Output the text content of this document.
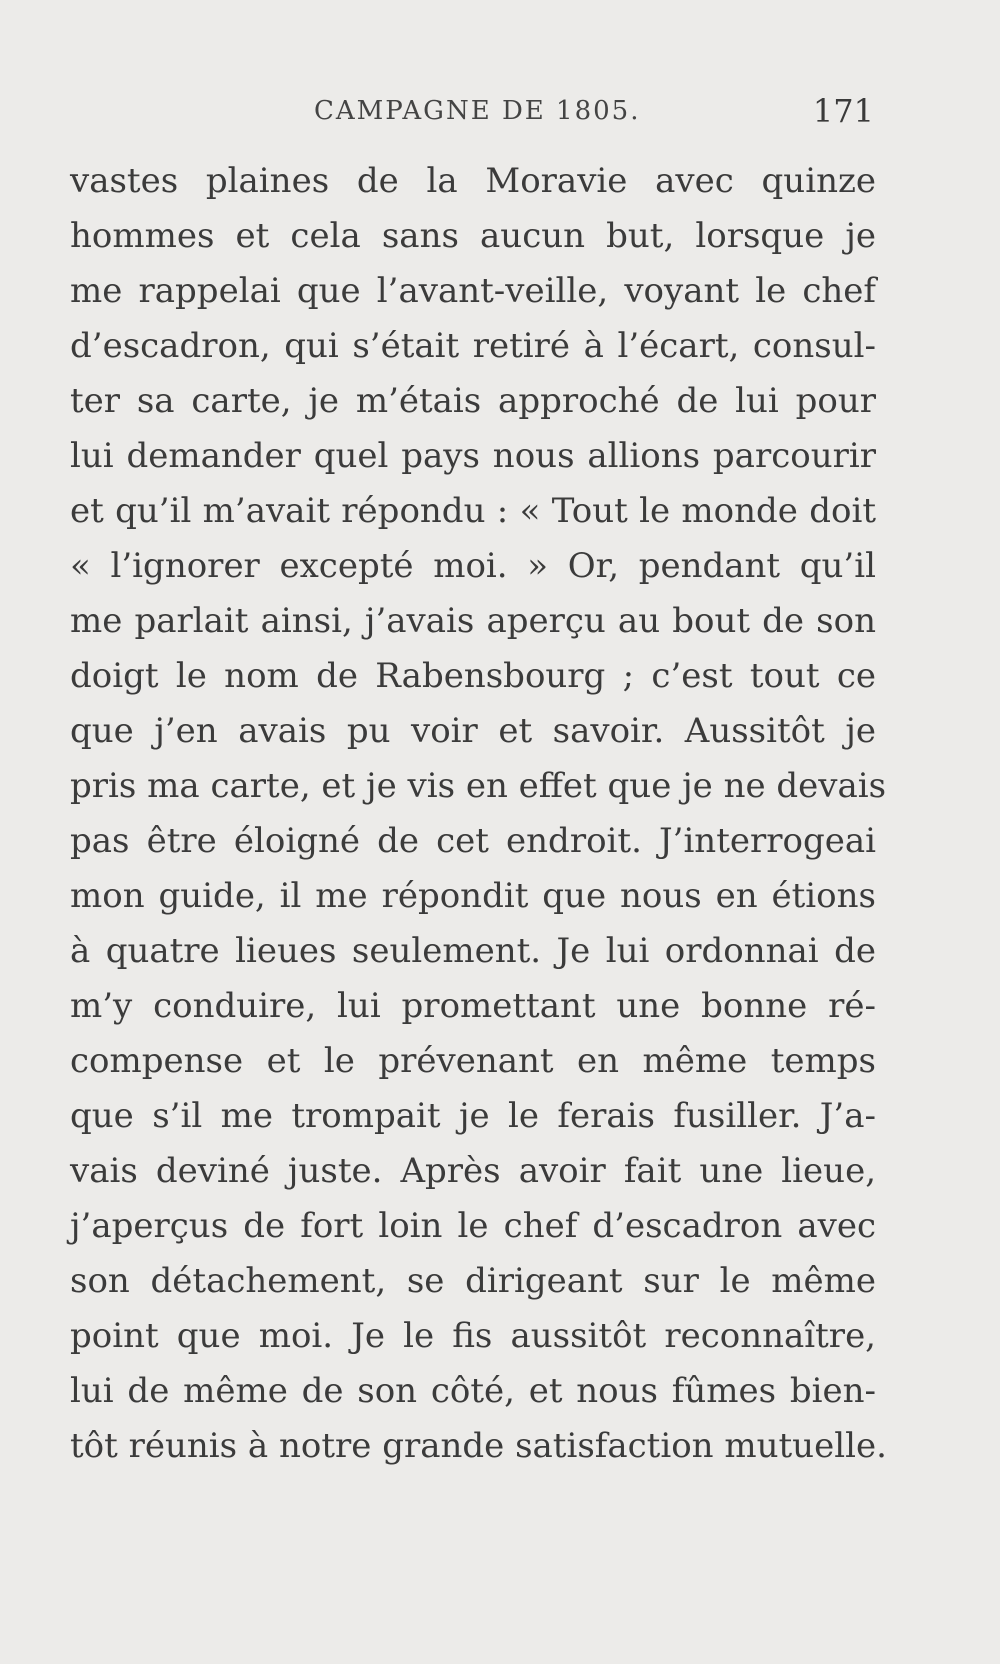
CAMPAGNE DE 1805.	171
vastes plaines de la Moravie avec quinze
hommes et cela sans aucun but, lorsque je
me rappelai que l’avant-veille, voyant le chef
d’escadron, qui s’était retiré à l’écart, consul-
ter sa carte, je m’étais approché de lui pour
lui demander quel pays nous allions parcourir
et qu’il m’avait répondu : « Tout le monde doit
« l’ignorer excepté moi. » Or, pendant qu’il
me parlait ainsi, j’avais aperçu au bout de son
doigt le nom de Rabensbourg ; c’est tout ce
que j’en avais pu voir et savoir. Aussitôt je
pris ma carte, et je vis en effet que je ne devais
pas être éloigné de cet endroit. J’interrogeai
mon guide, il me répondit que nous en étions
à quatre lieues seulement. Je lui ordonnai de
m’y conduire, lui promettant une bonne ré-
compense et le prévenant en même temps
que s’il me trompait je le ferais fusiller. J’a-
vais deviné juste. Après avoir fait une lieue,
j’aperçus de fort loin le chef d’escadron avec
son détachement, se dirigeant sur le même
point que moi. Je le fis aussitôt reconnaître,
lui de même de son côté, et nous fûmes bien-
tôt réunis à notre grande satisfaction mutuelle.
